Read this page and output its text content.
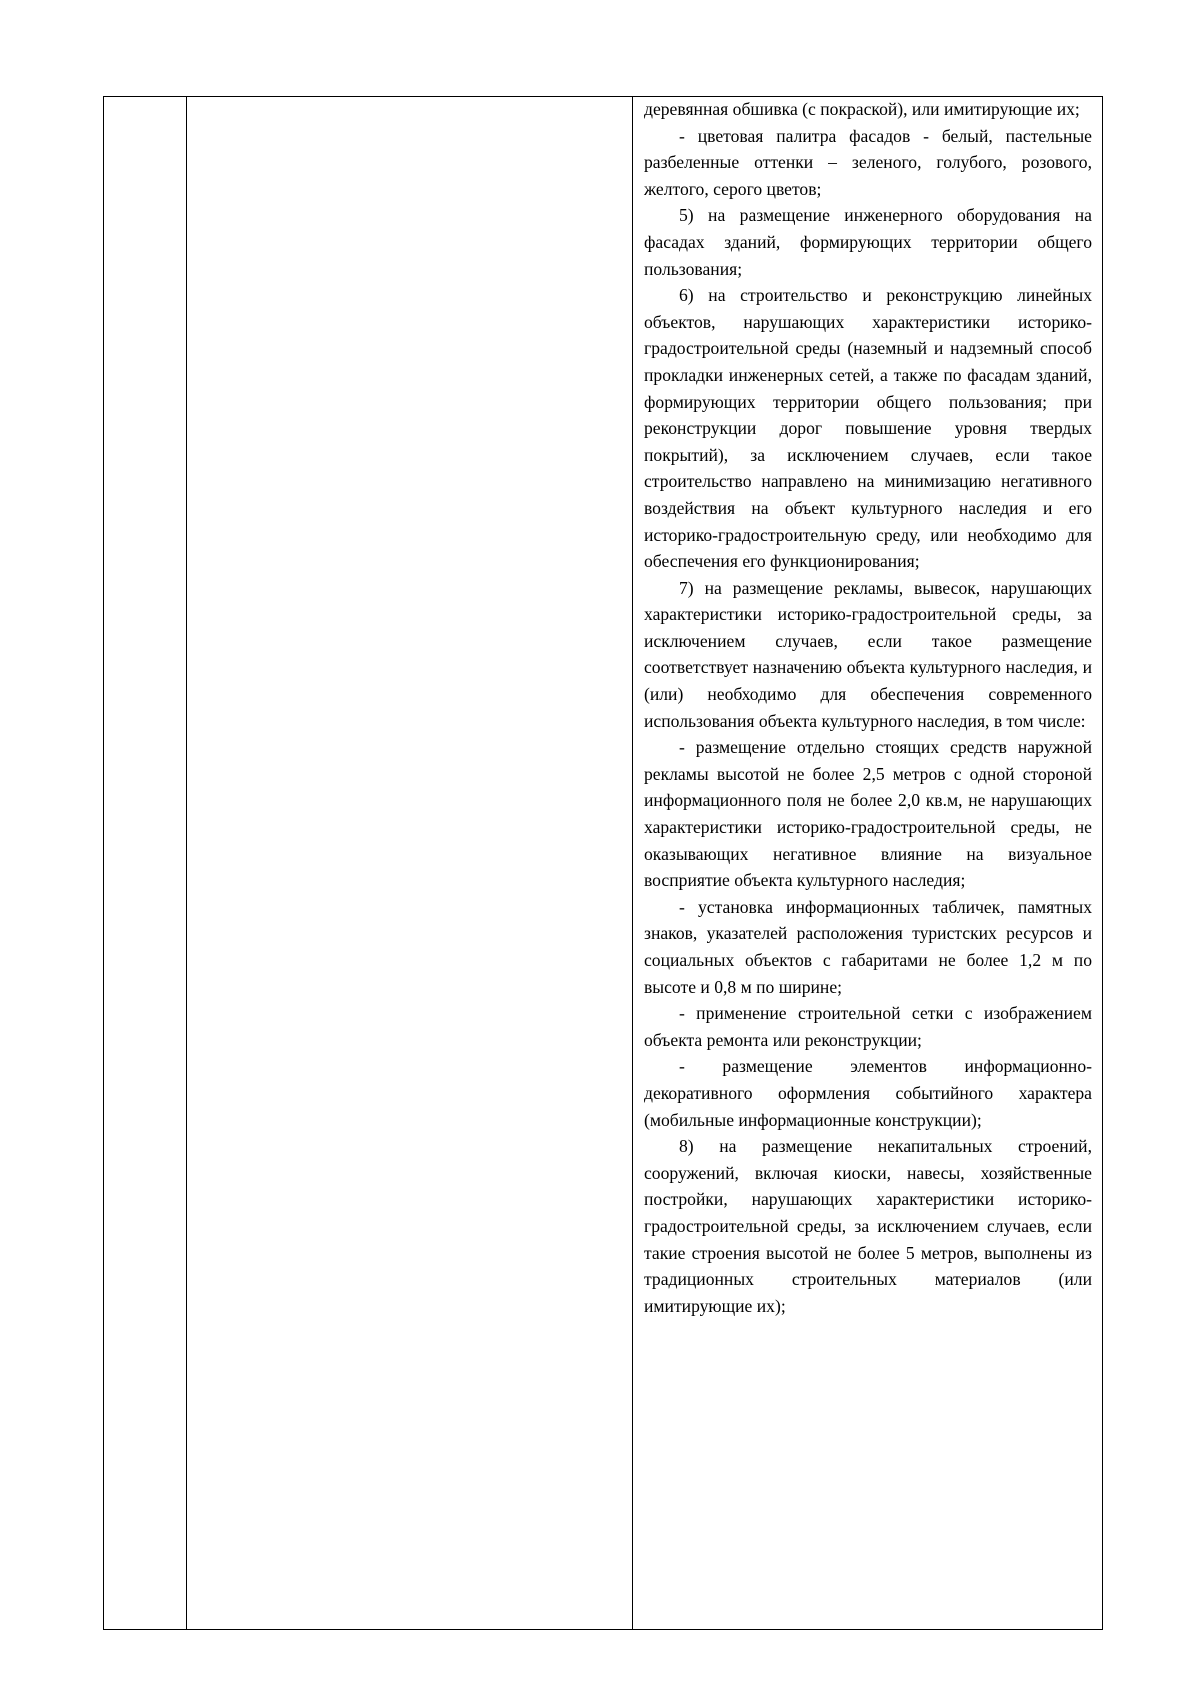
деревянная обшивка (с покраской), или имитирующие их;

- цветовая палитра фасадов - белый, пастельные разбеленные оттенки – зеленого, голубого, розового, желтого, серого цветов;

5) на размещение инженерного оборудования на фасадах зданий, формирующих территории общего пользования;

6) на строительство и реконструкцию линейных объектов, нарушающих характеристики историко-градостроительной среды (наземный и надземный способ прокладки инженерных сетей, а также по фасадам зданий, формирующих территории общего пользования; при реконструкции дорог повышение уровня твердых покрытий), за исключением случаев, если такое строительство направлено на минимизацию негативного воздействия на объект культурного наследия и его историко-градостроительную среду, или необходимо для обеспечения его функционирования;

7) на размещение рекламы, вывесок, нарушающих характеристики историко-градостроительной среды, за исключением случаев, если такое размещение соответствует назначению объекта культурного наследия, и (или) необходимо для обеспечения современного использования объекта культурного наследия, в том числе:

- размещение отдельно стоящих средств наружной рекламы высотой не более 2,5 метров с одной стороной информационного поля не более 2,0 кв.м, не нарушающих характеристики историко-градостроительной среды, не оказывающих негативное влияние на визуальное восприятие объекта культурного наследия;

- установка информационных табличек, памятных знаков, указателей расположения туристских ресурсов и социальных объектов с габаритами не более 1,2 м по высоте и 0,8 м по ширине;

- применение строительной сетки с изображением объекта ремонта или реконструкции;

- размещение элементов информационно-декоративного оформления событийного характера (мобильные информационные конструкции);

8) на размещение некапитальных строений, сооружений, включая киоски, навесы, хозяйственные постройки, нарушающих характеристики историко-градостроительной среды, за исключением случаев, если такие строения высотой не более 5 метров, выполнены из традиционных строительных материалов (или имитирующие их);
